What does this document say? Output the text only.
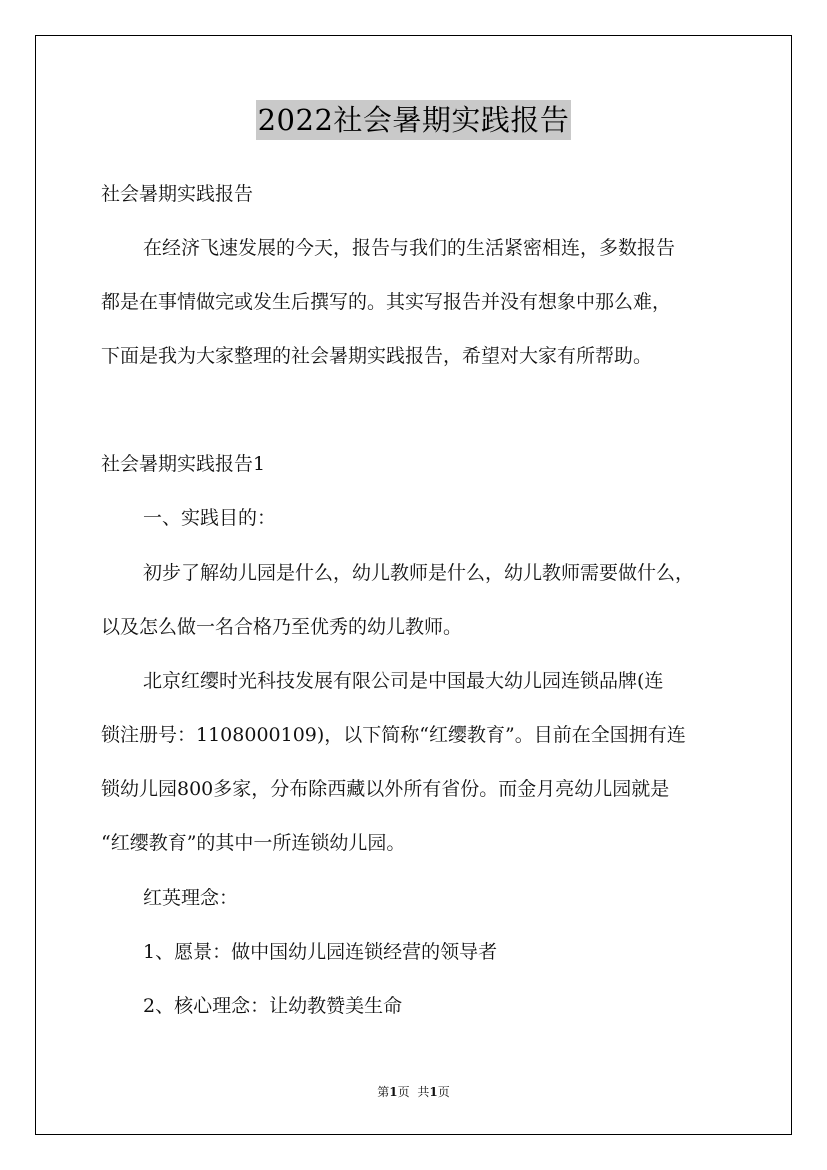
2022社会暑期实践报告
社会暑期实践报告
在经济飞速发展的今天，报告与我们的生活紧密相连，多数报告
都是在事情做完或发生后撰写的。其实写报告并没有想象中那么难，
下面是我为大家整理的社会暑期实践报告，希望对大家有所帮助。
社会暑期实践报告1
一、实践目的：
初步了解幼儿园是什么，幼儿教师是什么，幼儿教师需要做什么，
以及怎么做一名合格乃至优秀的幼儿教师。
北京红缨时光科技发展有限公司是中国最大幼儿园连锁品牌(连
锁注册号：1108000109)，以下简称“红缨教育”。目前在全国拥有连
锁幼儿园800多家，分布除西藏以外所有省份。而金月亮幼儿园就是
“红缨教育”的其中一所连锁幼儿园。
红英理念：
1、愿景：做中国幼儿园连锁经营的领导者
2、核心理念：让幼教赞美生命
第1页 共1页
